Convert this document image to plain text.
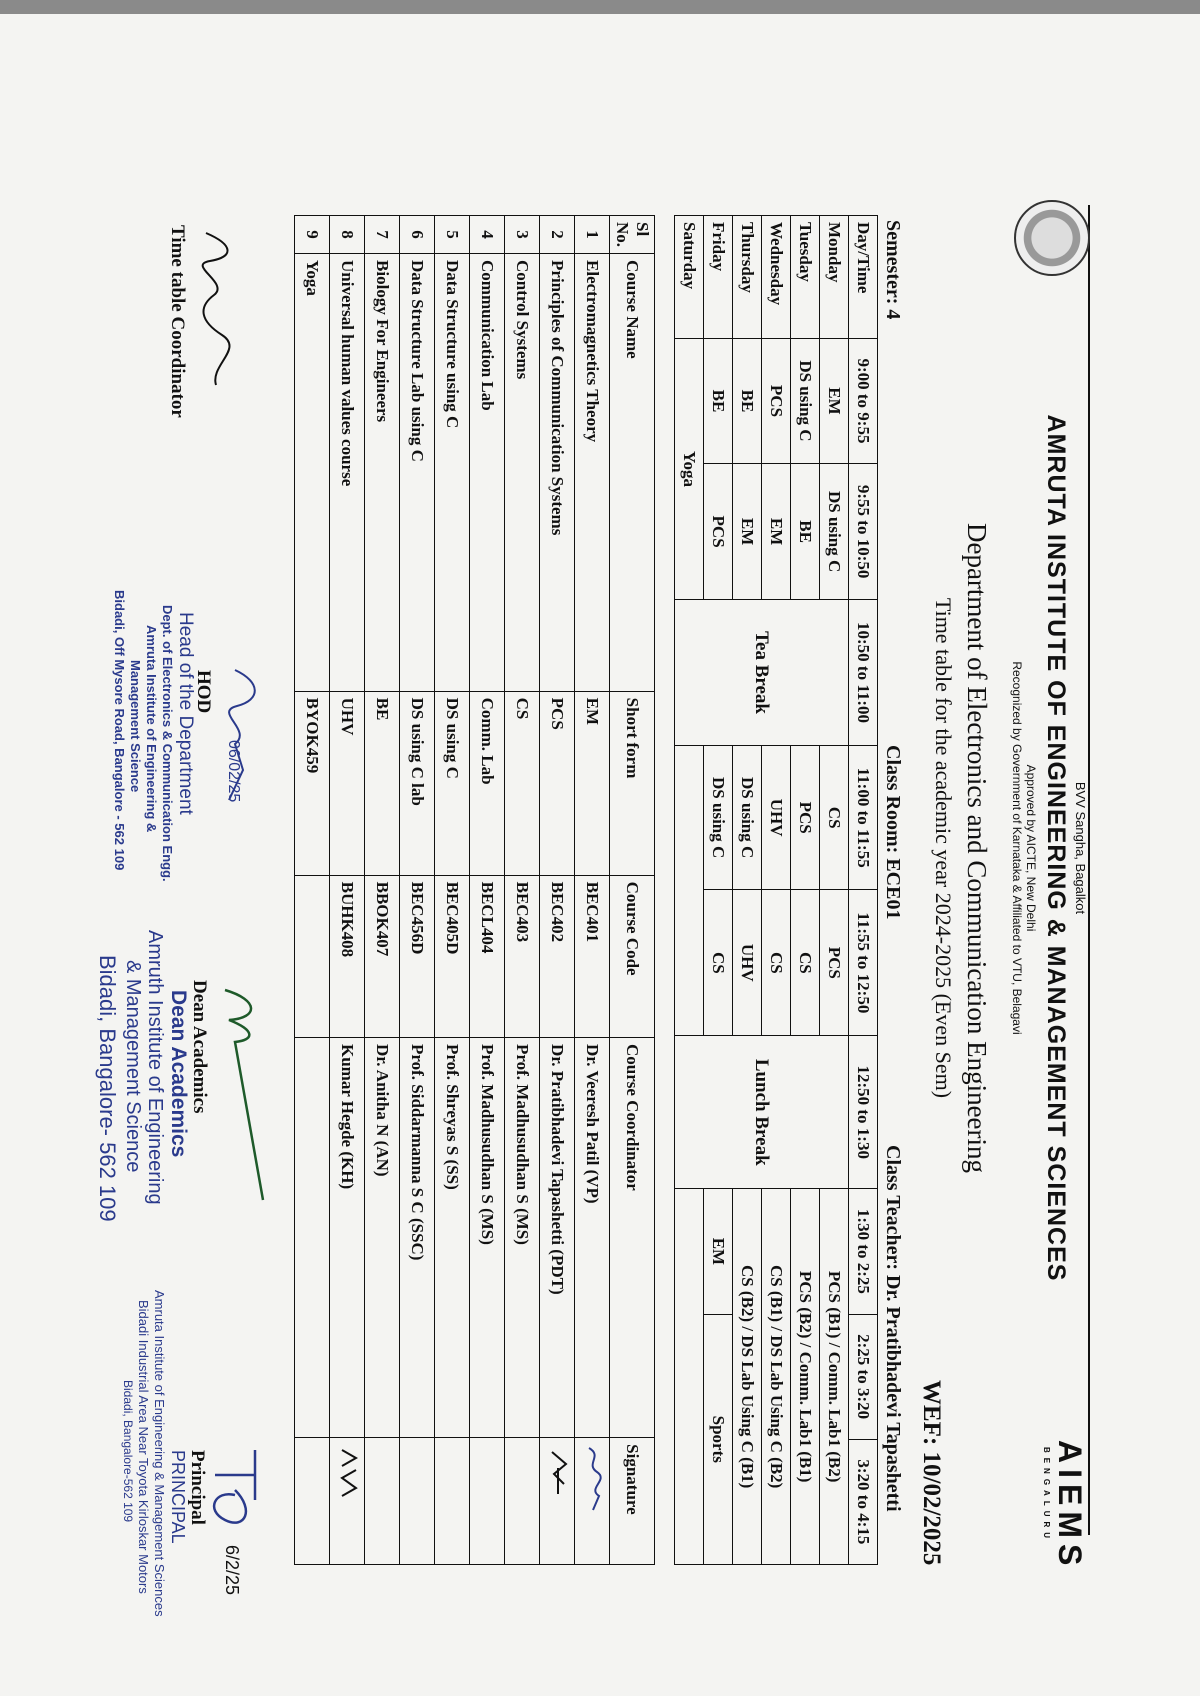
AIEMS
BENGALURU
BVV Sangha, Bagalkot
AMRUTA INSTITUTE OF ENGINEERING & MANAGEMENT SCIENCES
Approved by AICTE, New Delhi
Recognized by Government of Karnataka & Affiliated to VTU, Belagavi
Department of Electronics and Communication Engineering
Time table for the academic year 2024-2025 (Even Sem)
WEF: 10/02/2025
Semester: 4
Class Room: ECE01
Class Teacher: Dr. Pratibhadevi Tapashetti
Day/Time	9:00 to 9:55	9:55 to 10:50	10:50 to 11:00	11:00 to 11:55	11:55 to 12:50	12:50 to 1:30	1:30 to 2:25	2:25 to 3:20	3:20 to 4:15
Monday	EM	DS using C	Tea Break	CS	PCS	Lunch Break	PCS (B1) / Comm. Lab1 (B2)		
Tuesday	DS using C	BE		PCS	CS		PCS (B2) / Comm. Lab1 (B1)		
Wednesday	PCS	EM		UHV	CS		CS (B1) / DS Lab Using C (B2)		
Thursday	BE	EM		DS using C	UHV		CS (B2) / DS Lab Using C (B1)		
Friday	BE	PCS		DS using C	CS		EM	Sports	
Saturday	Yoga								
Sl No.	Course Name	Short form	Course Code	Course Coordinator	Signature
1	Electromagnetics Theory	EM	BEC401	Dr. Veeresh Patil (VP)	
2	Principles of Communication Systems	PCS	BEC402	Dr. Pratibhadevi Tapashetti (PDT)	
3	Control Systems	CS	BEC403	Prof. Madhusudhan S (MS)	
4	Communication Lab	Comm. Lab	BECL404	Prof. Madhusudhan S (MS)	
5	Data Structure using C	DS using C	BEC405D	Prof. Shreyas S (SS)	
6	Data Structure Lab using C	DS using C lab	BEC456D	Prof. Siddarmanna S C (SSC)	
7	Biology For Engineers	BE	BBOK407	Dr. Anitha N (AN)	
8	Universal human values course	UHV	BUHK408	Kumar Hegde (KH)	
9	Yoga	BYOK459			
Time table Coordinator
06/02/25
HOD
Head of the Department
Dept. of Electronics & Communication Engg.
Amruta Institute of Engineering &
Management Science
Bidadi, Off Mysore Road, Bangalore - 562 109
Dean Academics
Dean Academics
Amruth Institute of Engineering
& Management Science
Bidadi, Bangalore- 562 109
6/2/25
Principal
PRINCIPAL
Amruta Institute of Engineering & Management Sciences
Bidadi Industrial Area Near Toyota Kirloskar Motors
Bidadi, Bangalore-562 109
